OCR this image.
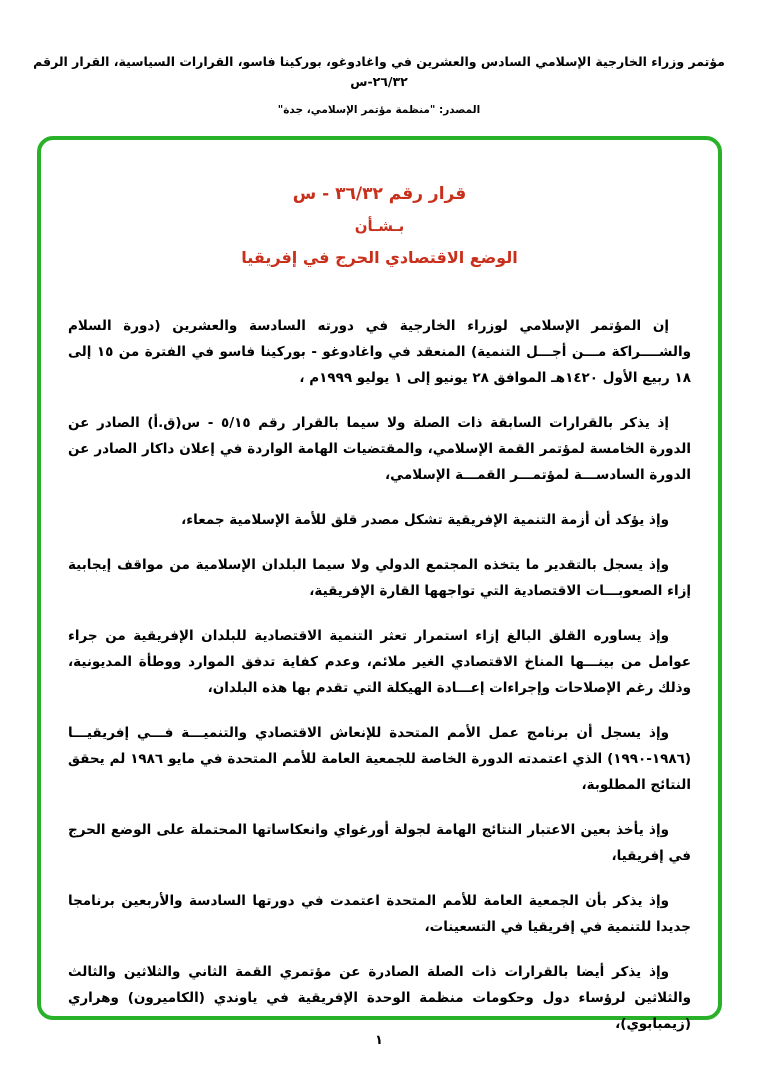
مؤتمر وزراء الخارجية الإسلامي السادس والعشرين في واغادوغو، بوركينا فاسو، القرارات السياسية، القرار الرقم ٢٦/٣٢-س
المصدر: "منظمة مؤتمر الإسلامي، جدة"
قرار رقم ٣٦/٣٢ - س
بـشـأن
الوضع الاقتصادي الحرج في إفريقيا

إن المؤتمر الإسلامي لوزراء الخارجية في دورته السادسة والعشرين (دورة السلام والشــــراكة مـــن أجـــل التنمية) المنعقد في واغادوغو - بوركينا فاسو في الفترة من ١٥ إلى ١٨ ربيع الأول ١٤٢٠هـ الموافق ٢٨ يونيو إلى ١ يوليو ١٩٩٩م ،

إذ يذكر بالقرارات السابقة ذات الصلة ولا سيما بالقرار رقم ٥/١٥ - س(ق.أ) الصادر عن الدورة الخامسة لمؤتمر القمة الإسلامي، والمقتضيات الهامة الواردة في إعلان داكار الصادر عن الدورة السادســـة لمؤتمـــر القمـــة الإسلامي،

وإذ يؤكد أن أزمة التنمية الإفريقية تشكل مصدر قلق للأمة الإسلامية جمعاء،

وإذ يسجل بالتقدير ما يتخذه المجتمع الدولي ولا سيما البلدان الإسلامية من مواقف إيجابية إزاء الصعوبـــات الاقتصادية التي تواجهها القارة الإفريقية،

وإذ يساوره القلق البالغ إزاء استمرار تعثر التنمية الاقتصادية للبلدان الإفريقية من جراء عوامل من بينـــها المناخ الاقتصادي الغير ملائم، وعدم كفاية تدفق الموارد ووطأة المديونية، وذلك رغم الإصلاحات وإجراءات إعـــادة الهيكلة التي تقدم بها هذه البلدان،

وإذ يسجل أن برنامج عمل الأمم المتحدة للإنعاش الاقتصادي والتنميـــة فـــي إفريقيـــا (١٩٨٦-١٩٩٠) الذي اعتمدته الدورة الخاصة للجمعية العامة للأمم المتحدة في مايو ١٩٨٦ لم يحقق النتائج المطلوبة،

وإذ يأخذ بعين الاعتبار النتائج الهامة لجولة أورغواي وانعكاساتها المحتملة على الوضع الحرج في إفريقيا،

وإذ يذكر بأن الجمعية العامة للأمم المتحدة اعتمدت في دورتها السادسة والأربعين برنامجا جديدا للتنمية في إفريقيا في التسعينات،

وإذ يذكر أيضا بالقرارات ذات الصلة الصادرة عن مؤتمري القمة الثاني والثلاثين والثالث والثلاثين لرؤساء دول وحكومات منظمة الوحدة الإفريقية في ياوندي (الكاميرون) وهراري (زيمبابوي)،

١
